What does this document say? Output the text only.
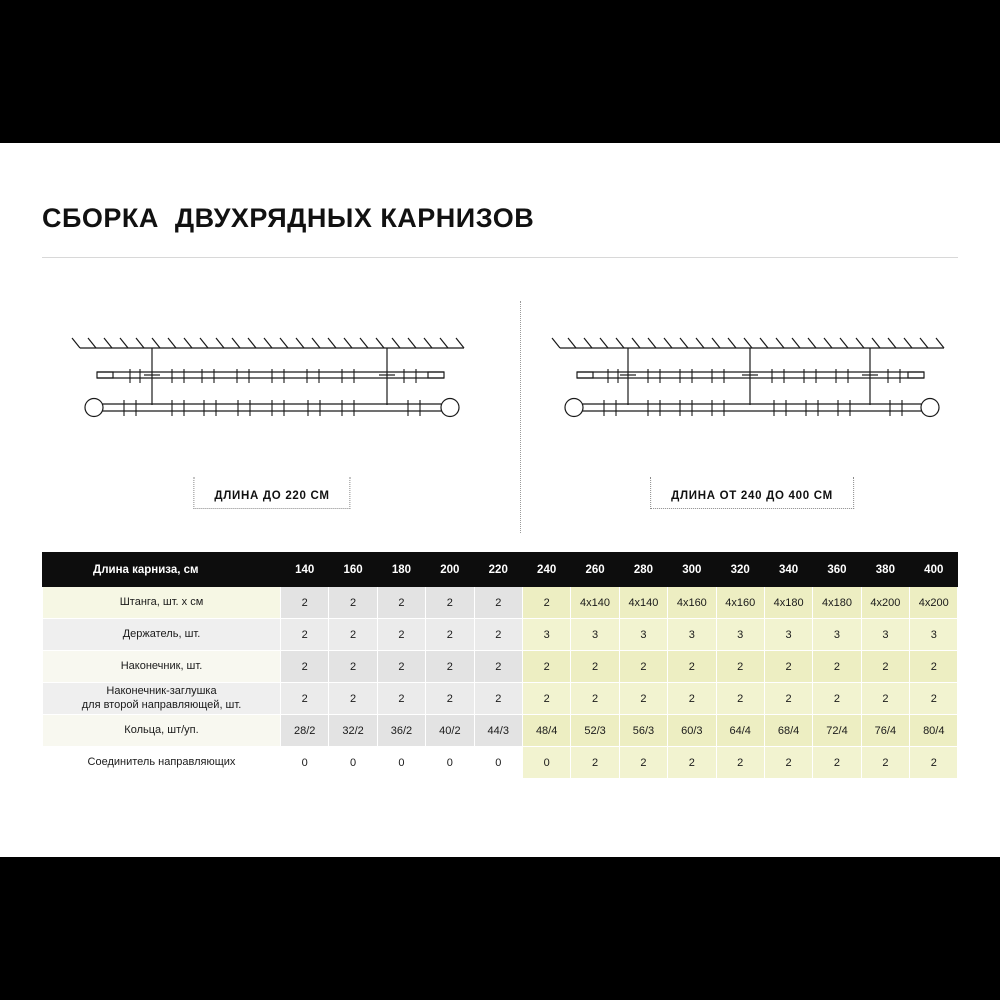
СБОРКА  ДВУХРЯДНЫХ КАРНИЗОВ
ДЛИНА ДО 220 СМ	ДЛИНА ОТ 240 ДО 400 СМ
Длина карниза, см	140	160	180	200	220	240	260	280	300	320	340	360	380	400
Штанга, шт. х см	2	2	2	2	2	2	4х140	4х140	4х160	4х160	4х180	4х180	4х200	4х200
Держатель, шт.	2	2	2	2	2	3	3	3	3	3	3	3	3	3
Наконечник, шт.	2	2	2	2	2	2	2	2	2	2	2	2	2	2
Наконечник-заглушка
для второй направляющей, шт.	2	2	2	2	2	2	2	2	2	2	2	2	2	2
Кольца, шт/уп.	28/2	32/2	36/2	40/2	44/3	48/4	52/3	56/3	60/3	64/4	68/4	72/4	76/4	80/4
Соединитель направляющих	0	0	0	0	0	0	2	2	2	2	2	2	2	2
